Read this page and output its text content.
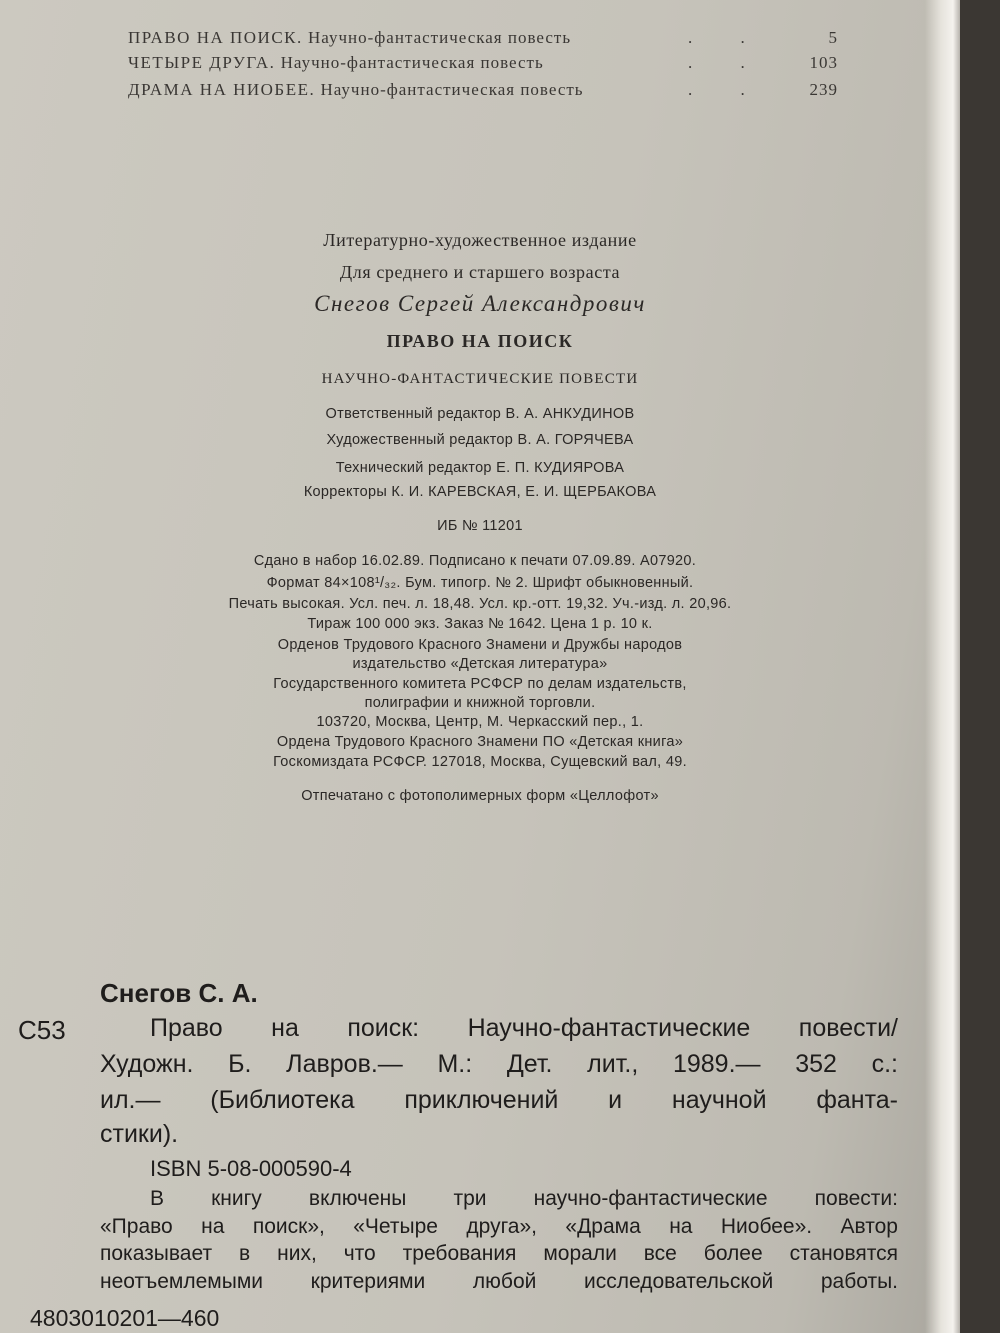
ПРАВО НА ПОИСК. Научно-фантастическая повесть	. .	5
ЧЕТЫРЕ ДРУГА. Научно-фантастическая повесть	. .	103
ДРАМА НА НИОБЕЕ. Научно-фантастическая повесть	. .	239
Литературно-художественное издание
Для среднего и старшего возраста
Снегов Сергей Александрович
ПРАВО НА ПОИСК
НАУЧНО-ФАНТАСТИЧЕСКИЕ ПОВЕСТИ
Ответственный редактор В. А. АНКУДИНОВ
Художественный редактор В. А. ГОРЯЧЕВА
Технический редактор Е. П. КУДИЯРОВА
Корректоры К. И. КАРЕВСКАЯ, Е. И. ЩЕРБАКОВА
ИБ № 11201
Сдано в набор 16.02.89. Подписано к печати 07.09.89. А07920.
Формат 84×108¹/₃₂. Бум. типогр. № 2. Шрифт обыкновенный.
Печать высокая. Усл. печ. л. 18,48. Усл. кр.-отт. 19,32. Уч.-изд. л. 20,96.
Тираж 100 000 экз. Заказ № 1642. Цена 1 р. 10 к.
Орденов Трудового Красного Знамени и Дружбы народов
издательство «Детская литература»
Государственного комитета РСФСР по делам издательств,
полиграфии и книжной торговли.
103720, Москва, Центр, М. Черкасский пер., 1.
Ордена Трудового Красного Знамени ПО «Детская книга»
Госкомиздата РСФСР. 127018, Москва, Сущевский вал, 49.
Отпечатано с фотополимерных форм «Целлофот»
Снегов С. А.
С53	Право на поиск: Научно-фантастические повести/
Художн. Б. Лавров.— М.: Дет. лит., 1989.— 352 с.:
ил.— (Библиотека приключений и научной фанта-
стики).
ISBN 5-08-000590-4
В книгу включены три научно-фантастические повести:
«Право на поиск», «Четыре друга», «Драма на Ниобее». Автор
показывает в них, что требования морали все более становятся
неотъемлемыми критериями любой исследовательской работы.
4803010201—460
